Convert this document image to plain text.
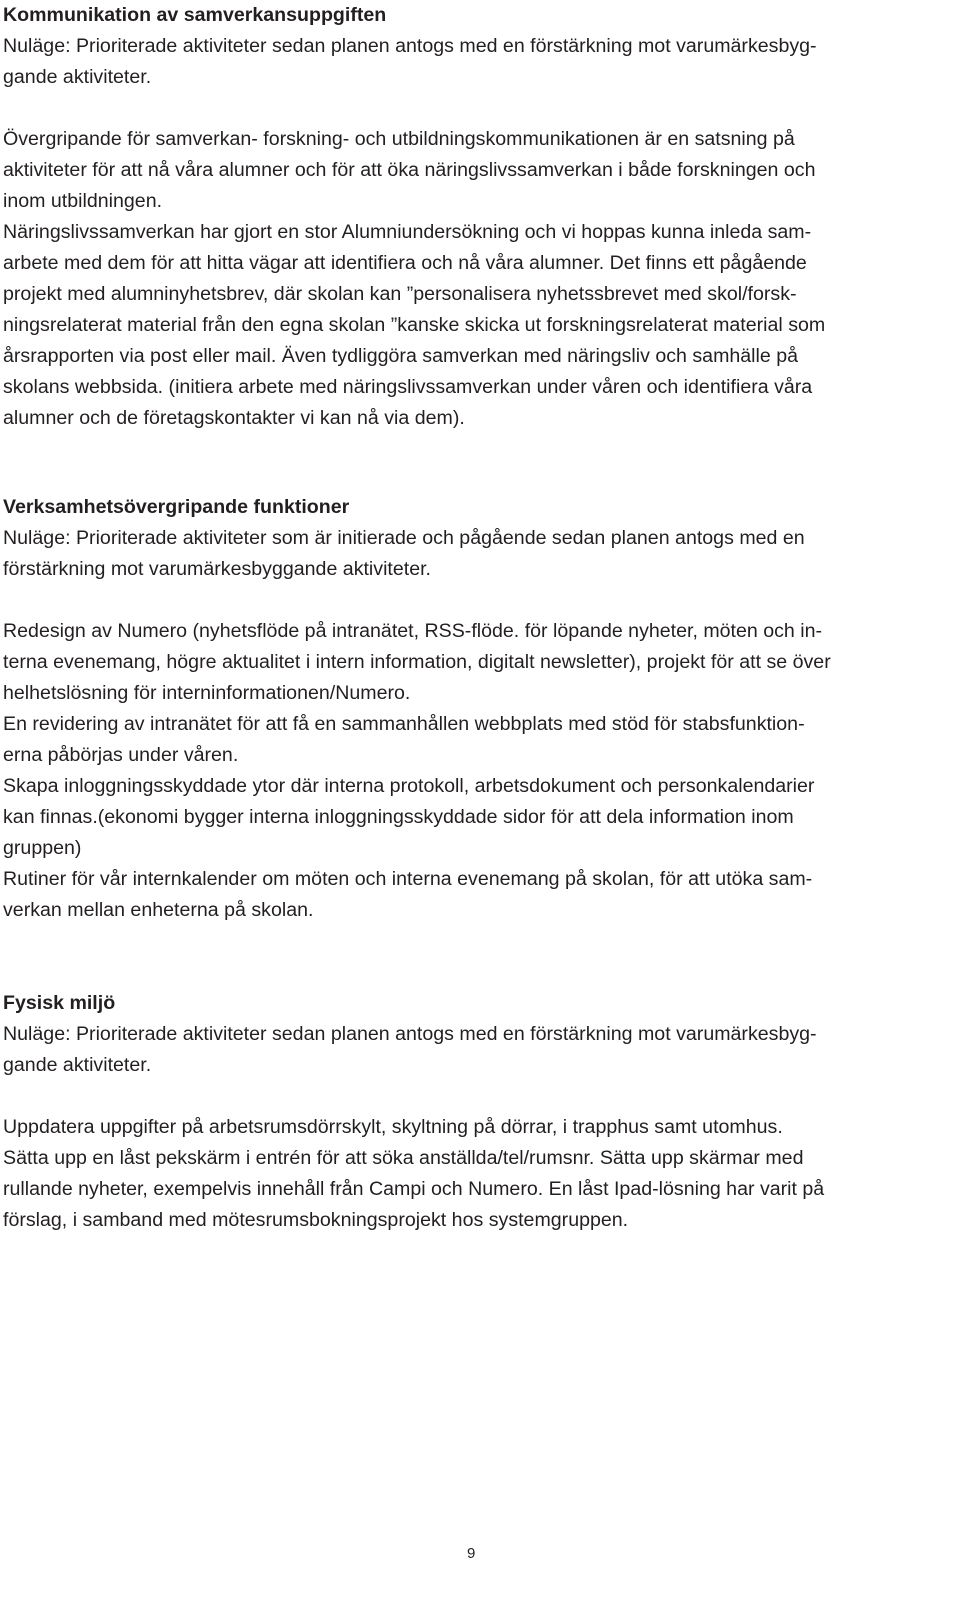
Kommunikation av samverkansuppgiften
Nuläge: Prioriterade aktiviteter sedan planen antogs med en förstärkning mot varumärkesbyg-
gande aktiviteter.
Övergripande för samverkan- forskning- och utbildningskommunikationen är en satsning på
aktiviteter för att nå våra alumner och för att öka näringslivssamverkan i både forskningen och
inom utbildningen.
Näringslivssamverkan har gjort en stor Alumniundersökning och vi hoppas kunna inleda sam-
arbete med dem för att hitta vägar att identifiera och nå våra alumner. Det finns ett pågående
projekt med alumninyhetsbrev, där skolan kan ”personalisera nyhetssbrevet med skol/forsk-
ningsrelaterat material från den egna skolan ”kanske skicka ut forskningsrelaterat material som
årsrapporten via post eller mail. Även tydliggöra samverkan med näringsliv och samhälle på
skolans webbsida. (initiera arbete med näringslivssamverkan under våren och identifiera våra
alumner och de företagskontakter vi kan nå via dem).
Verksamhetsövergripande funktioner
Nuläge: Prioriterade aktiviteter som är initierade och pågående sedan planen antogs med en
förstärkning mot varumärkesbyggande aktiviteter.
Redesign av Numero (nyhetsflöde på intranätet, RSS-flöde. för löpande nyheter, möten och in-
terna evenemang, högre aktualitet i intern information, digitalt newsletter), projekt för att se över
helhetslösning för interninformationen/Numero.
En revidering av intranätet för att få en sammanhållen webbplats med stöd för stabsfunktion-
erna påbörjas under våren.
Skapa inloggningsskyddade ytor där interna protokoll, arbetsdokument och personkalendarier
kan finnas.(ekonomi bygger interna inloggningsskyddade sidor för att dela information inom
gruppen)
Rutiner för vår internkalender om möten och interna evenemang på skolan, för att utöka sam-
verkan mellan enheterna på skolan.
Fysisk miljö
Nuläge: Prioriterade aktiviteter sedan planen antogs med en förstärkning mot varumärkesbyg-
gande aktiviteter.
Uppdatera uppgifter på arbetsrumsdörrskylt, skyltning på dörrar, i trapphus samt utomhus.
Sätta upp en låst pekskärm i entrén för att söka anställda/tel/rumsnr. Sätta upp skärmar med
rullande nyheter, exempelvis innehåll från Campi och Numero. En låst Ipad-lösning har varit på
förslag, i samband med mötesrumsbokningsprojekt hos systemgruppen.
9
